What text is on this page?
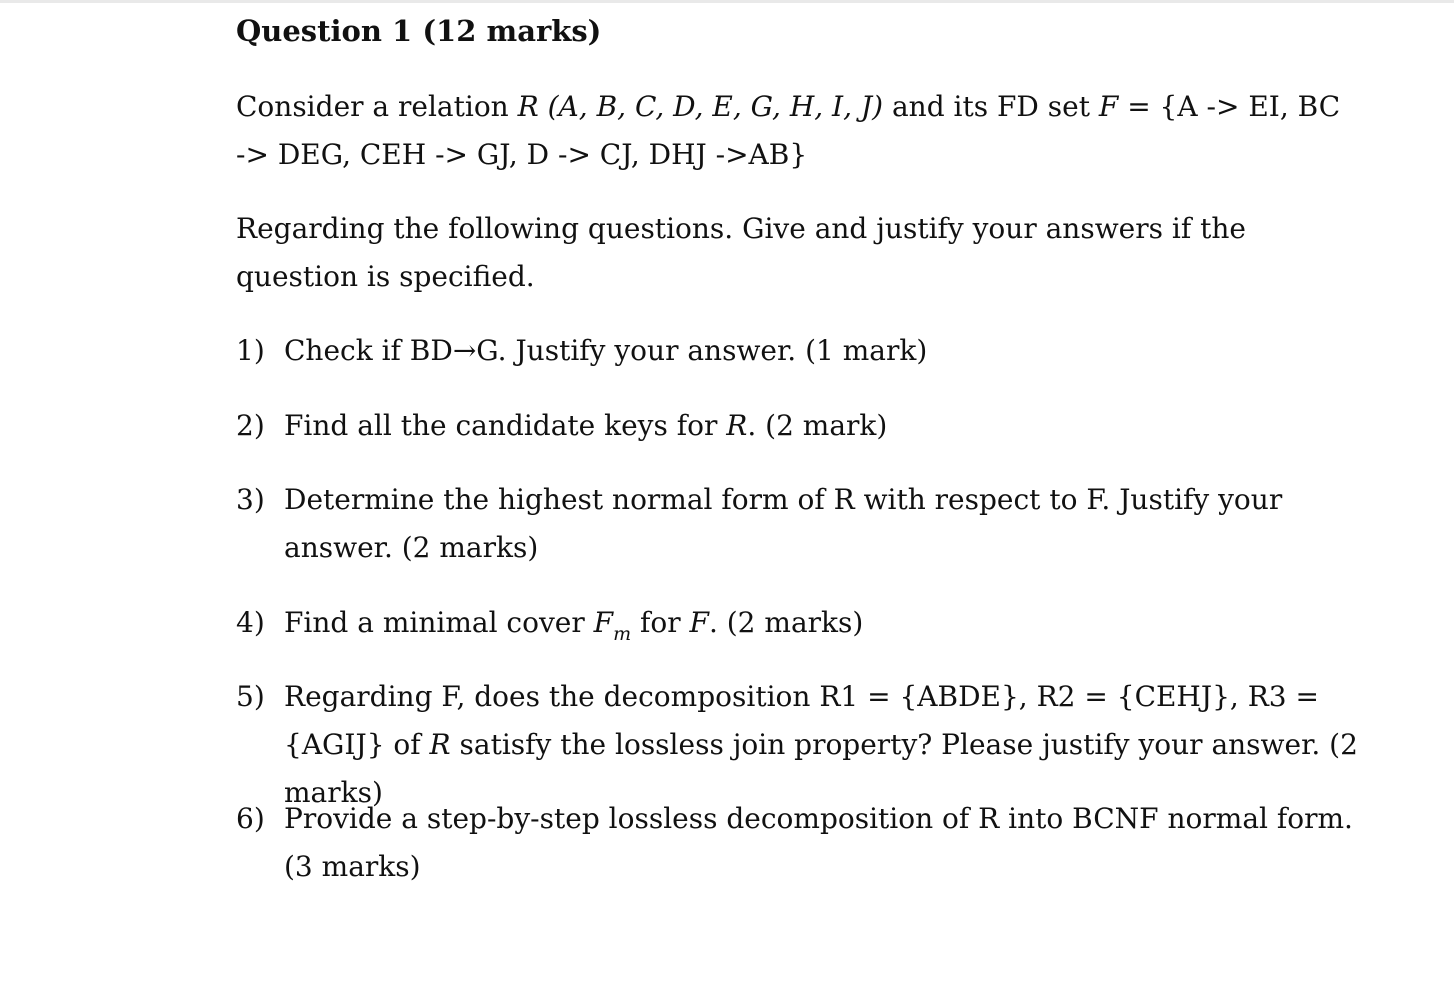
Question 1 (12 marks)
Consider a relation R (A, B, C, D, E, G, H, I, J) and its FD set F = {A -> EI, BC -> DEG, CEH -> GJ, D -> CJ, DHJ ->AB}
Regarding the following questions. Give and justify your answers if the question is specified.
1) Check if BD→G. Justify your answer. (1 mark)
2) Find all the candidate keys for R. (2 mark)
3) Determine the highest normal form of R with respect to F. Justify your answer. (2 marks)
4) Find a minimal cover $F_m$ for F. (2 marks)
5) Regarding F, does the decomposition R1 = {ABDE}, R2 = {CEHJ}, R3 = {AGIJ} of R satisfy the lossless join property? Please justify your answer. (2 marks)
6) Provide a step-by-step lossless decomposition of R into BCNF normal form. (3 marks)
